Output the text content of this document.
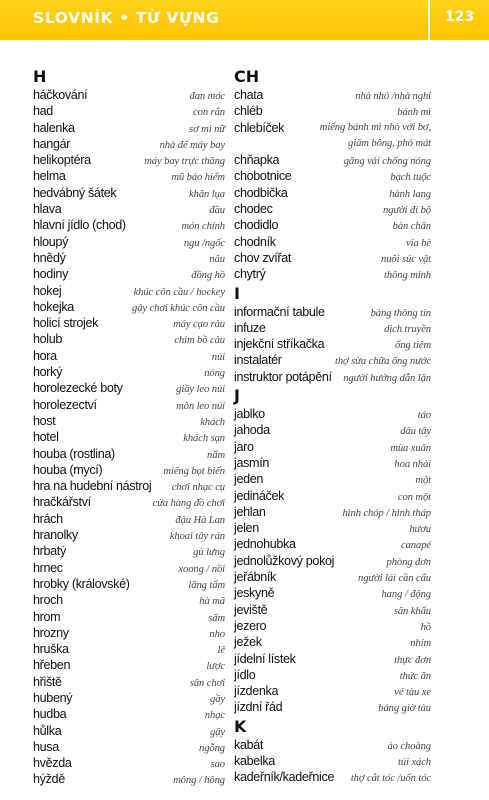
SLOVNÍK • TỪ VỰNG	123
H
háčkování	đan móc
had	con rắn
halenka	sơ mi nữ
hangár	nhà để máy bay
helikoptéra	máy bay trực thăng
helma	mũ bảo hiểm
hedvábný šátek	khăn lụa
hlava	đầu
hlavní jídlo (chod)	món chính
hloupý	ngu /ngốc
hnědý	nâu
hodiny	đồng hồ
hokej	khúc côn cầu / hockey
hokejka	gậy chơi khúc côn cầu
holicí strojek	máy cạo râu
holub	chim bồ câu
hora	núi
horký	nóng
horolezecké boty	giầy leo núi
horolezectví	môn leo núi
host	khách
hotel	khách sạn
houba (rostlina)	nấm
houba (mycí)	miếng bọt biển
hra na hudební nástroj chơi nhạc cụ
hračkářství	cửa hàng đồ chơi
hrách	đậu Hà Lan
hranolky	khoai tây rán
hrbatý	gù lưng
hrnec	xoong / nồi
hrobky (královské)	lăng tẩm
hroch	hà mã
hrom	sấm
hrozny	nho
hruška	lê
hřeben	lược
hřiště	sân chơi
hubený	gầy
hudba	nhạc
hůlka	gậy
husa	ngỗng
hvězda	sao
hýždě	mông / hông
CH
chata	nhà nhỏ /nhà nghỉ
chléb	bánh mì
chlebíček	miếng bánh mì nhỏ với bơ, giăm bông, phó mát
chňapka	găng vải chống nóng
chobotnice	bạch tuộc
chodbička	hành lang
chodec	người đi bộ
chodidlo	bàn chân
chodník	vỉa hè
chov zvířat	nuôi súc vật
chytrý	thông minh
I
informační tabule	bảng thông tin
infuze	dịch truyền
injekční stříkačka	ống tiêm
instalatér	thợ sửa chữa ống nước
instruktor potápění người hướng dẫn lặn
J
jablko	táo
jahoda	dâu tây
jaro	mùa xuân
jasmín	hoa nhài
jeden	một
jedináček	con một
jehlan	hình chóp / hình tháp
jelen	hươu
jednohubka	canapé
jednolůžkový pokoj	phòng đơn
jeřábník	người lái cần cẩu
jeskyně	hang / động
jeviště	sân khấu
jezero	hồ
ježek	nhím
jídelní lístek	thực đơn
jídlo	thức ăn
jízdenka	vé tàu xe
jízdní řád	bảng giờ tàu
K
kabát	áo choàng
kabelka	túi xách
kadeřník/kadeřnice thợ cắt tóc /uốn tóc
